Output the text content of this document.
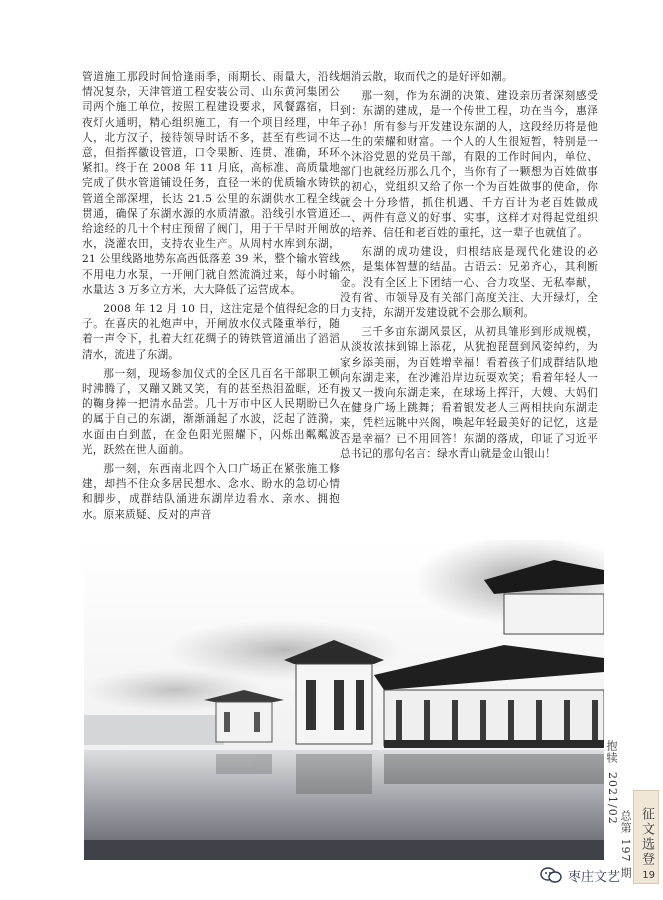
管道施工那段时间恰逢雨季，雨期长、雨量大，沿线情况复杂，天津管道工程安装公司、山东黄河集团公司两个施工单位，按照工程建设要求，风餐露宿，日夜灯火通明，精心组织施工，有一个项目经理，中年人，北方汉子，接待领导时话不多，甚至有些词不达意，但指挥徽设管道，口令果断、连贯、准确，环环紧扣。终于在 2008 年 11 月底，高标准、高质量地完成了供水管道铺设任务，直径一米的优质输水铸铁管道全部深埋，长达 21.5 公里的东湖供水工程全线贯通，确保了东湖水源的水质清澈。沿线引水管道还给途经的几十个村庄预留了阀门，用于干旱时开闸放水，浇灌农田，支持农业生产。从周村水库到东湖，21 公里线路地势东高西低落差 39 米，整个输水管线不用电力水泵，一开闸门就自然流淌过来，每小时输水量达 3 万多立方米，大大降低了运营成本。

2008 年 12 月 10 日，这注定是个值得纪念的日子。在喜庆的礼炮声中，开闸放水仪式隆重举行，随着一声令下，扎着大红花绸子的铸铁管道涌出了滔滔清水，流进了东湖。

那一刻，现场参加仪式的全区几百名干部职工顿时沸腾了，又蹦又跳又笑，有的甚至热泪盈眶，还有的鞠身捧一把清水品尝。几十万市中区人民期盼已久的属于自己的东湖，渐渐涌起了水波，泛起了涟漪，水面由白到蓝，在金色阳光照耀下，闪烁出粼粼波光，跃然在世人面前。

那一刻，东西南北四个入口广场正在紧张施工修建，却挡不住众多居民想水、念水、盼水的急切心情和脚步，成群结队涌进东湖岸边看水、亲水、拥抱水。原来质疑、反对的声音

烟消云散，取而代之的是好评如潮。

那一刻，作为东湖的决策、建设亲历者深刻感受到：东湖的建成，是一个传世工程，功在当今，惠泽子孙！所有参与开发建设东湖的人，这段经历将是他一生的荣耀和财富。一个人的人生很短暂，特别是一个沐浴党恩的党员干部，有限的工作时间内，单位、部门也就经历那么几个，当你有了一颗想为百姓做事的初心，党组织又给了你一个为百姓做事的使命，你就会十分珍惜，抓住机遇、千方百计为老百姓做成一、两件有意义的好事、实事，这样才对得起党组织的培养、信任和老百姓的重托，这一辈子也就值了。

东湖的成功建设，归根结底是现代化建设的必然，是集体智慧的结晶。古语云：兄弟齐心，其利断金。没有全区上下团结一心、合力攻坚、无私奉献，没有省、市领导及有关部门高度关注、大开绿灯，全力支持，东湖开发建设就不会那么顺利。

三千多亩东湖风景区，从初具雏形到形成规模，从淡妆浓抹到锦上添花，从犹抱琵琶到风姿绰约，为家乡添美丽，为百姓增幸福！看着孩子们成群结队地向东湖走来，在沙滩沿岸边玩耍欢笑；看着年轻人一拨又一拨向东湖走来，在球场上挥汗，大嫂、大妈们在健身广场上跳舞；看着银发老人三两相扶向东湖走来，凭栏远眺中兴阁，唤起年轻最美好的记忆，这是否是幸福？已不用回答！东湖的落成，印证了习近平总书记的那句名言：绿水青山就是金山银山！

抱犊
2021/02
总第 197 期 征文选登
19
枣庄文艺
